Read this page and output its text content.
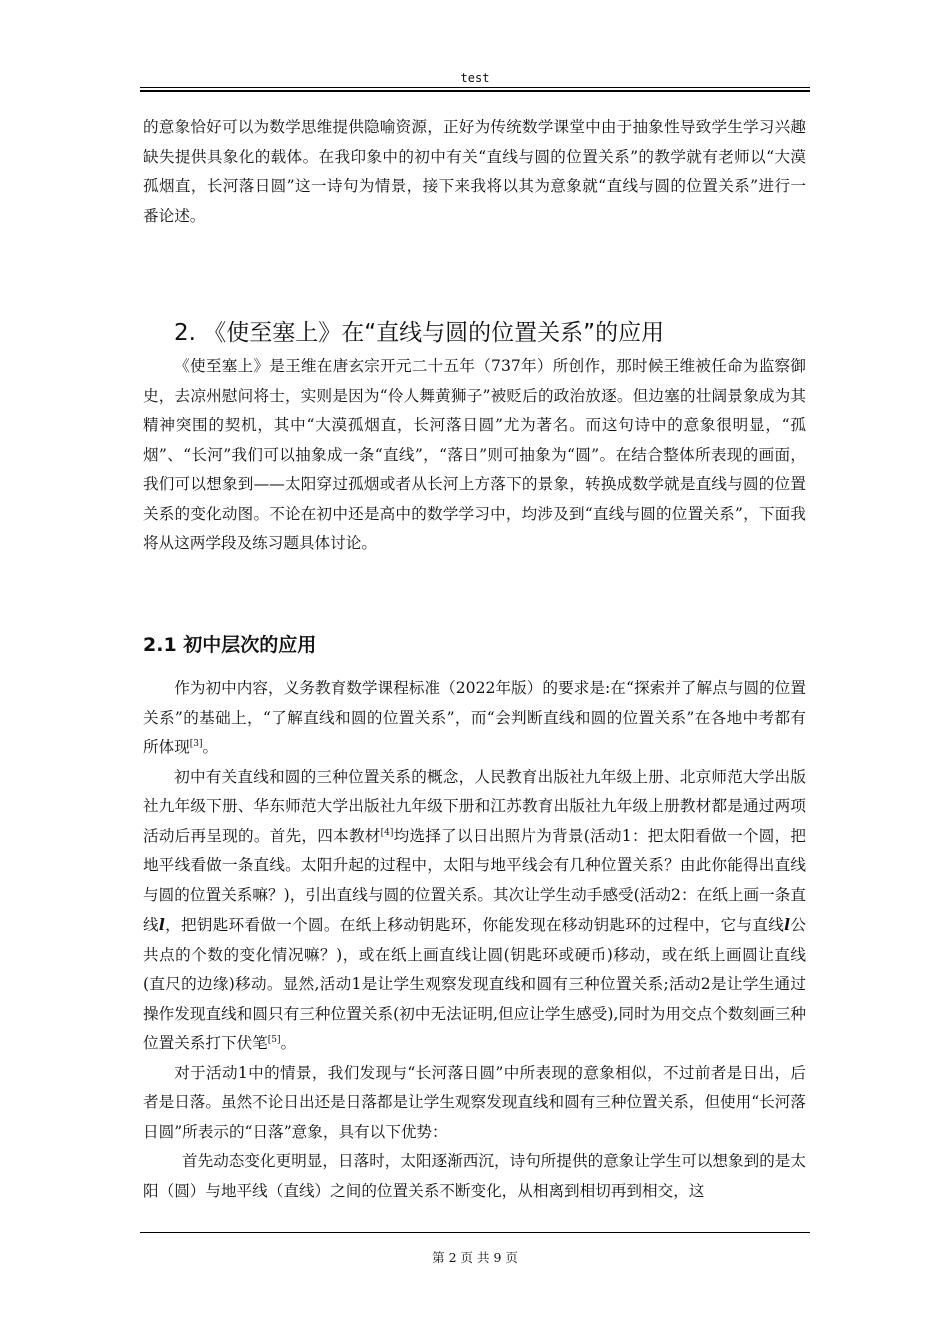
test

的意象恰好可以为数学思维提供隐喻资源，正好为传统数学课堂中由于抽象性导致学生学习兴趣缺失提供具象化的载体。在我印象中的初中有关“直线与圆的位置关系”的教学就有老师以“大漠孤烟直，长河落日圆”这一诗句为情景，接下来我将以其为意象就“直线与圆的位置关系”进行一番论述。

2. 《使至塞上》在“直线与圆的位置关系”的应用

《使至塞上》是王维在唐玄宗开元二十五年（737年）所创作，那时候王维被任命为监察御史，去凉州慰问将士，实则是因为“伶人舞黄狮子”被贬后的政治放逐。但边塞的壮阔景象成为其精神突围的契机，其中“大漠孤烟直，长河落日圆”尤为著名。而这句诗中的意象很明显，“孤烟”、“长河”我们可以抽象成一条“直线”，“落日”则可抽象为“圆”。在结合整体所表现的画面，我们可以想象到——太阳穿过孤烟或者从长河上方落下的景象，转换成数学就是直线与圆的位置关系的变化动图。不论在初中还是高中的数学学习中，均涉及到“直线与圆的位置关系”，下面我将从这两学段及练习题具体讨论。

2.1 初中层次的应用

作为初中内容，义务教育数学课程标准（2022年版）的要求是:在“探索并了解点与圆的位置关系”的基础上，“了解直线和圆的位置关系”，而“会判断直线和圆的位置关系”在各地中考都有所体现[3]。

初中有关直线和圆的三种位置关系的概念，人民教育出版社九年级上册、北京师范大学出版社九年级下册、华东师范大学出版社九年级下册和江苏教育出版社九年级上册教材都是通过两项活动后再呈现的。首先，四本教材[4]均选择了以日出照片为背景(活动1：把太阳看做一个圆，把地平线看做一条直线。太阳升起的过程中，太阳与地平线会有几种位置关系？由此你能得出直线与圆的位置关系嘛？)，引出直线与圆的位置关系。其次让学生动手感受(活动2：在纸上画一条直线l，把钥匙环看做一个圆。在纸上移动钥匙环，你能发现在移动钥匙环的过程中，它与直线l公共点的个数的变化情况嘛？)，或在纸上画直线让圆(钥匙环或硬币)移动，或在纸上画圆让直线(直尺的边缘)移动。显然,活动1是让学生观察发现直线和圆有三种位置关系;活动2是让学生通过操作发现直线和圆只有三种位置关系(初中无法证明,但应让学生感受),同时为用交点个数刻画三种位置关系打下伏笔[5]。

对于活动1中的情景，我们发现与“长河落日圆”中所表现的意象相似，不过前者是日出，后者是日落。虽然不论日出还是日落都是让学生观察发现直线和圆有三种位置关系，但使用“长河落日圆”所表示的“日落”意象，具有以下优势：

首先动态变化更明显，日落时，太阳逐渐西沉，诗句所提供的意象让学生可以想象到的是太阳（圆）与地平线（直线）之间的位置关系不断变化，从相离到相切再到相交，这

第 2 页 共 9 页
